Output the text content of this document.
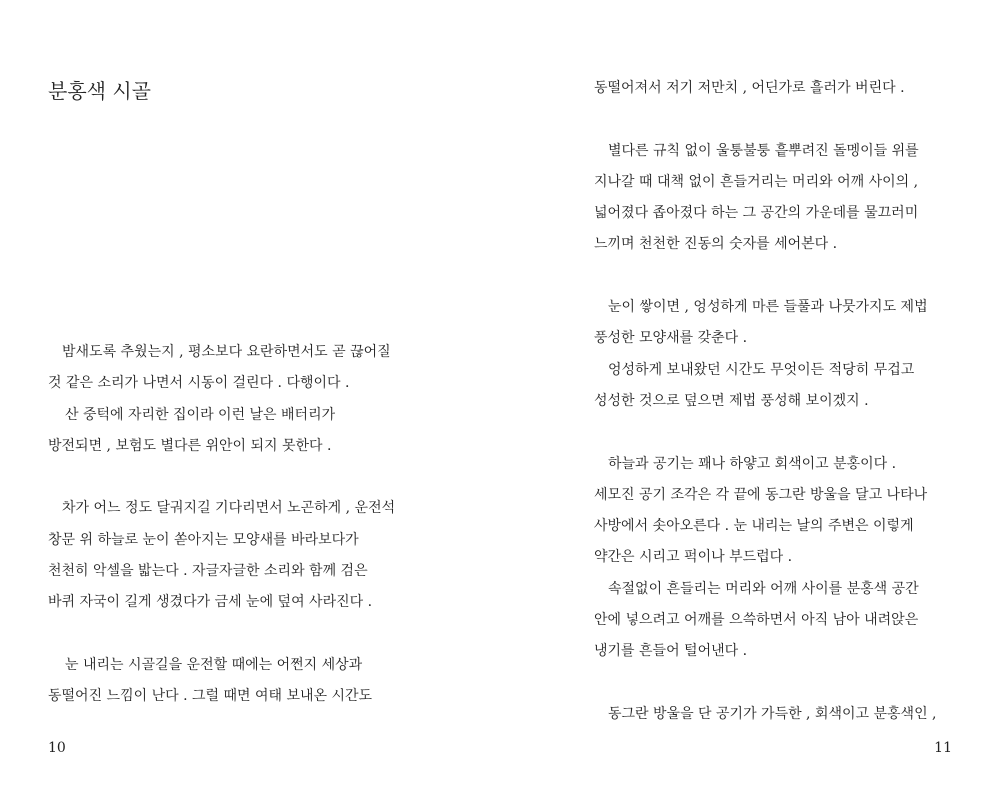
분홍색 시골
밤새도록 추웠는지 , 평소보다 요란하면서도 곧 끊어질
것 같은 소리가 나면서 시동이 걸린다 . 다행이다 .
산 중턱에 자리한 집이라 이런 날은 배터리가
방전되면 , 보험도 별다른 위안이 되지 못한다 .
차가 어느 정도 달궈지길 기다리면서 노곤하게 , 운전석
창문 위 하늘로 눈이 쏟아지는 모양새를 바라보다가
천천히 악셀을 밟는다 . 자글자글한 소리와 함께 검은
바퀴 자국이 길게 생겼다가 금세 눈에 덮여 사라진다 .
눈 내리는 시골길을 운전할 때에는 어쩐지 세상과
동떨어진 느낌이 난다 . 그럴 때면 여태 보내온 시간도
10
동떨어져서 저기 저만치 , 어딘가로 흘러가 버린다 .
별다른 규칙 없이 울퉁불퉁 흩뿌려진 돌멩이들 위를
지나갈 때 대책 없이 흔들거리는 머리와 어깨 사이의 ,
넓어졌다 좁아졌다 하는 그 공간의 가운데를 물끄러미
느끼며 천천한 진동의 숫자를 세어본다 .
눈이 쌓이면 , 엉성하게 마른 들풀과 나뭇가지도 제법
풍성한 모양새를 갖춘다 .
엉성하게 보내왔던 시간도 무엇이든 적당히 무겁고
성성한 것으로 덮으면 제법 풍성해 보이겠지 .
하늘과 공기는 꽤나 하얗고 회색이고 분홍이다 .
세모진 공기 조각은 각 끝에 동그란 방울을 달고 나타나
사방에서 솟아오른다 . 눈 내리는 날의 주변은 이렇게
약간은 시리고 퍽이나 부드럽다 .
속절없이 흔들리는 머리와 어깨 사이를 분홍색 공간
안에 넣으려고 어깨를 으쓱하면서 아직 남아 내려앉은
냉기를 흔들어 털어낸다 .
동그란 방울을 단 공기가 가득한 , 회색이고 분홍색인 ,
11
